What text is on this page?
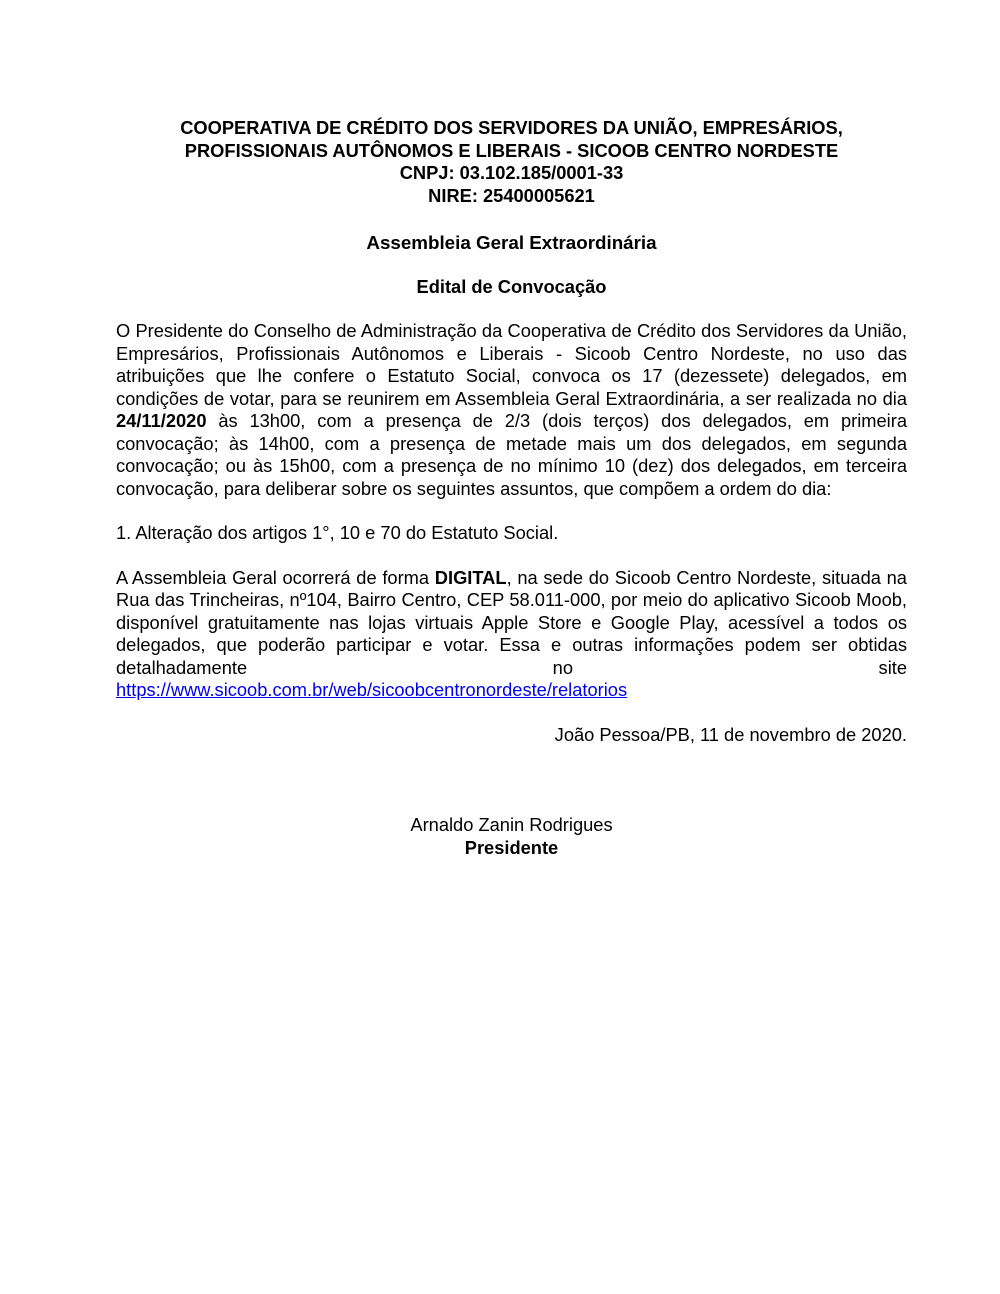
COOPERATIVA DE CRÉDITO DOS SERVIDORES DA UNIÃO, EMPRESÁRIOS,
PROFISSIONAIS AUTÔNOMOS E LIBERAIS - SICOOB CENTRO NORDESTE
CNPJ: 03.102.185/0001-33
NIRE: 25400005621
Assembleia Geral Extraordinária
Edital de Convocação

O Presidente do Conselho de Administração da Cooperativa de Crédito dos Servidores da União, Empresários, Profissionais Autônomos e Liberais - Sicoob Centro Nordeste, no uso das atribuições que lhe confere o Estatuto Social, convoca os 17 (dezessete) delegados, em condições de votar, para se reunirem em Assembleia Geral Extraordinária, a ser realizada no dia 24/11/2020 às 13h00, com a presença de 2/3 (dois terços) dos delegados, em primeira convocação; às 14h00, com a presença de metade mais um dos delegados, em segunda convocação; ou às 15h00, com a presença de no mínimo 10 (dez) dos delegados, em terceira convocação, para deliberar sobre os seguintes assuntos, que compõem a ordem do dia:

1. Alteração dos artigos 1°, 10 e 70 do Estatuto Social.

A Assembleia Geral ocorrerá de forma DIGITAL, na sede do Sicoob Centro Nordeste, situada na Rua das Trincheiras, nº104, Bairro Centro, CEP 58.011-000, por meio do aplicativo Sicoob Moob, disponível gratuitamente nas lojas virtuais Apple Store e Google Play, acessível a todos os delegados, que poderão participar e votar. Essa e outras informações podem ser obtidas detalhadamente no site
https://www.sicoob.com.br/web/sicoobcentronordeste/relatorios
João Pessoa/PB, 11 de novembro de 2020.
Arnaldo Zanin Rodrigues
Presidente
